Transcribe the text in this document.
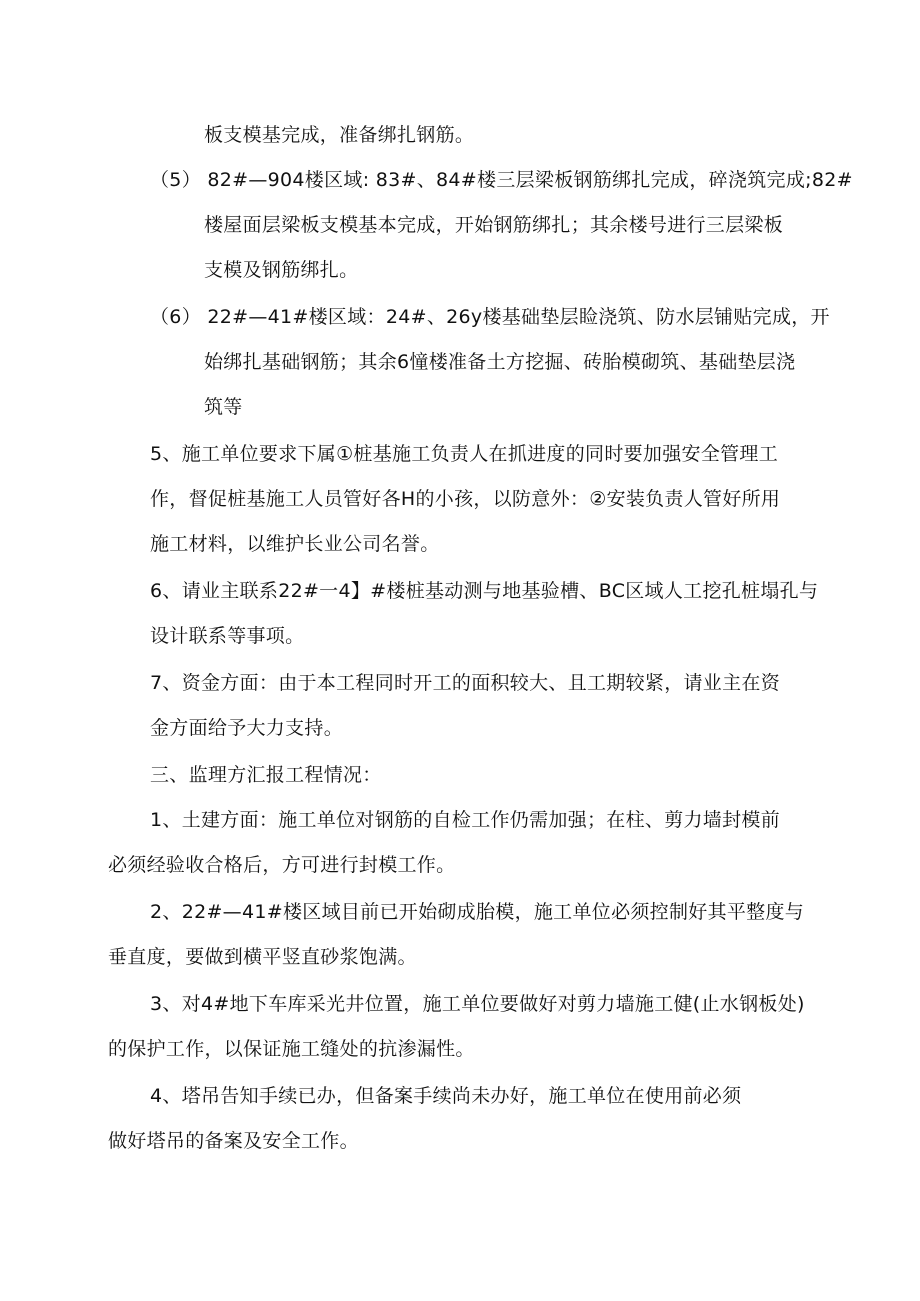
板支模基完成，准备绑扎钢筋。
（5） 82#—904楼区域: 83#、84#楼三层梁板钢筋绑扎完成，碎浇筑完成;82#
楼屋面层梁板支模基本完成，开始钢筋绑扎；其余楼号进行三层梁板
支模及钢筋绑扎。
（6） 22#—41#楼区域：24#、26y楼基础垫层睑浇筑、防水层铺贴完成，开
始绑扎基础钢筋；其余6憧楼准备土方挖掘、砖胎模砌筑、基础垫层浇
筑等
5、施工单位要求下属①桩基施工负责人在抓进度的同时要加强安全管理工
作，督促桩基施工人员管好各H的小孩，以防意外：②安装负责人管好所用
施工材料，以维护长业公司名誉。
6、请业主联系22#一4】#楼桩基动测与地基验槽、BC区域人工挖孔桩塌孔与
设计联系等事项。
7、资金方面：由于本工程同时开工的面积较大、且工期较紧，请业主在资
金方面给予大力支持。
三、监理方汇报工程情况：
1、土建方面：施工单位对钢筋的自检工作仍需加强；在柱、剪力墙封模前
必须经验收合格后，方可进行封模工作。
2、22#—41#楼区域目前已开始砌成胎模，施工单位必须控制好其平整度与
垂直度，要做到横平竖直砂浆饱满。
3、对4#地下车库采光井位置，施工单位要做好对剪力墙施工健(止水钢板处)
的保护工作，以保证施工缝处的抗渗漏性。
4、塔吊告知手续已办，但备案手续尚未办好，施工单位在使用前必须
做好塔吊的备案及安全工作。
